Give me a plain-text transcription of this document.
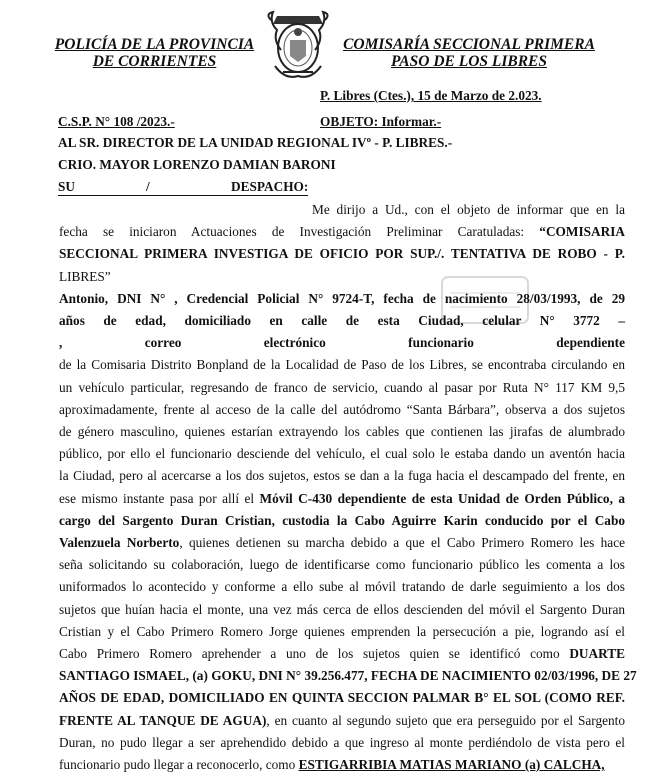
POLICÍA DE LA PROVINCIA
DE CORRIENTES
COMISARÍA SECCIONAL PRIMERA
PASO DE LOS LIBRES
P. Libres (Ctes.), 15 de Marzo de 2.023.
C.S.P. N° 108 /2023.-	OBJETO: Informar.-
AL SR. DIRECTOR DE LA UNIDAD REGIONAL IVº - P. LIBRES.-
CRIO. MAYOR LORENZO DAMIAN BARONI
SU	/	DESPACHO:
Me dirijo a Ud., con el objeto de informar que en la
fecha se iniciaron Actuaciones de Investigación Preliminar Caratuladas: “COMISARIA
SECCIONAL PRIMERA INVESTIGA DE OFICIO POR SUP./. TENTATIVA DE ROBO - P.
LIBRES”
Antonio, DNI N° , Credencial Policial N° 9724-T, fecha de nacimiento 28/03/1993, de 29
años de edad, domiciliado en calle de esta Ciudad, celular N° 3772 –
, correo electrónico funcionario dependiente
de la Comisaria Distrito Bonpland de la Localidad de Paso de los Libres, se encontraba circulando en
un vehículo particular, regresando de franco de servicio, cuando al pasar por Ruta N° 117 KM 9,5
aproximadamente, frente al acceso de la calle del autódromo “Santa Bárbara”, observa a dos sujetos
de género masculino, quienes estarían extrayendo los cables que contienen las jirafas de alumbrado
público, por ello el funcionario desciende del vehículo, el cual solo le estaba dando un aventón hacia
la Ciudad, pero al acercarse a los dos sujetos, estos se dan a la fuga hacia el descampado del frente, en
ese mismo instante pasa por allí el Móvil C-430 dependiente de esta Unidad de Orden Público, a
cargo del Sargento Duran Cristian, custodia la Cabo Aguirre Karin conducido por el Cabo
Valenzuela Norberto, quienes detienen su marcha debido a que el Cabo Primero Romero les hace
seña solicitando su colaboración, luego de identificarse como funcionario público les comenta a los
uniformados lo acontecido y conforme a ello sube al móvil tratando de darle seguimiento a los dos
sujetos que huían hacia el monte, una vez más cerca de ellos descienden del móvil el Sargento Duran
Cristian y el Cabo Primero Romero Jorge quienes emprenden la persecución a pie, logrando así el
Cabo Primero Romero aprehender a uno de los sujetos quien se identificó como DUARTE
SANTIAGO ISMAEL, (a) GOKU, DNI N° 39.256.477, FECHA DE NACIMIENTO 02/03/1996, DE 27
AÑOS DE EDAD, DOMICILIADO EN QUINTA SECCION PALMAR B° EL SOL (COMO REF.
FRENTE AL TANQUE DE AGUA), en cuanto al segundo sujeto que era perseguido por el Sargento
Duran, no pudo llegar a ser aprehendido debido a que ingreso al monte perdiéndolo de vista pero el
funcionario pudo llegar a reconocerlo, como ESTIGARRIBIA MATIAS MARIANO (a) CALCHA,
